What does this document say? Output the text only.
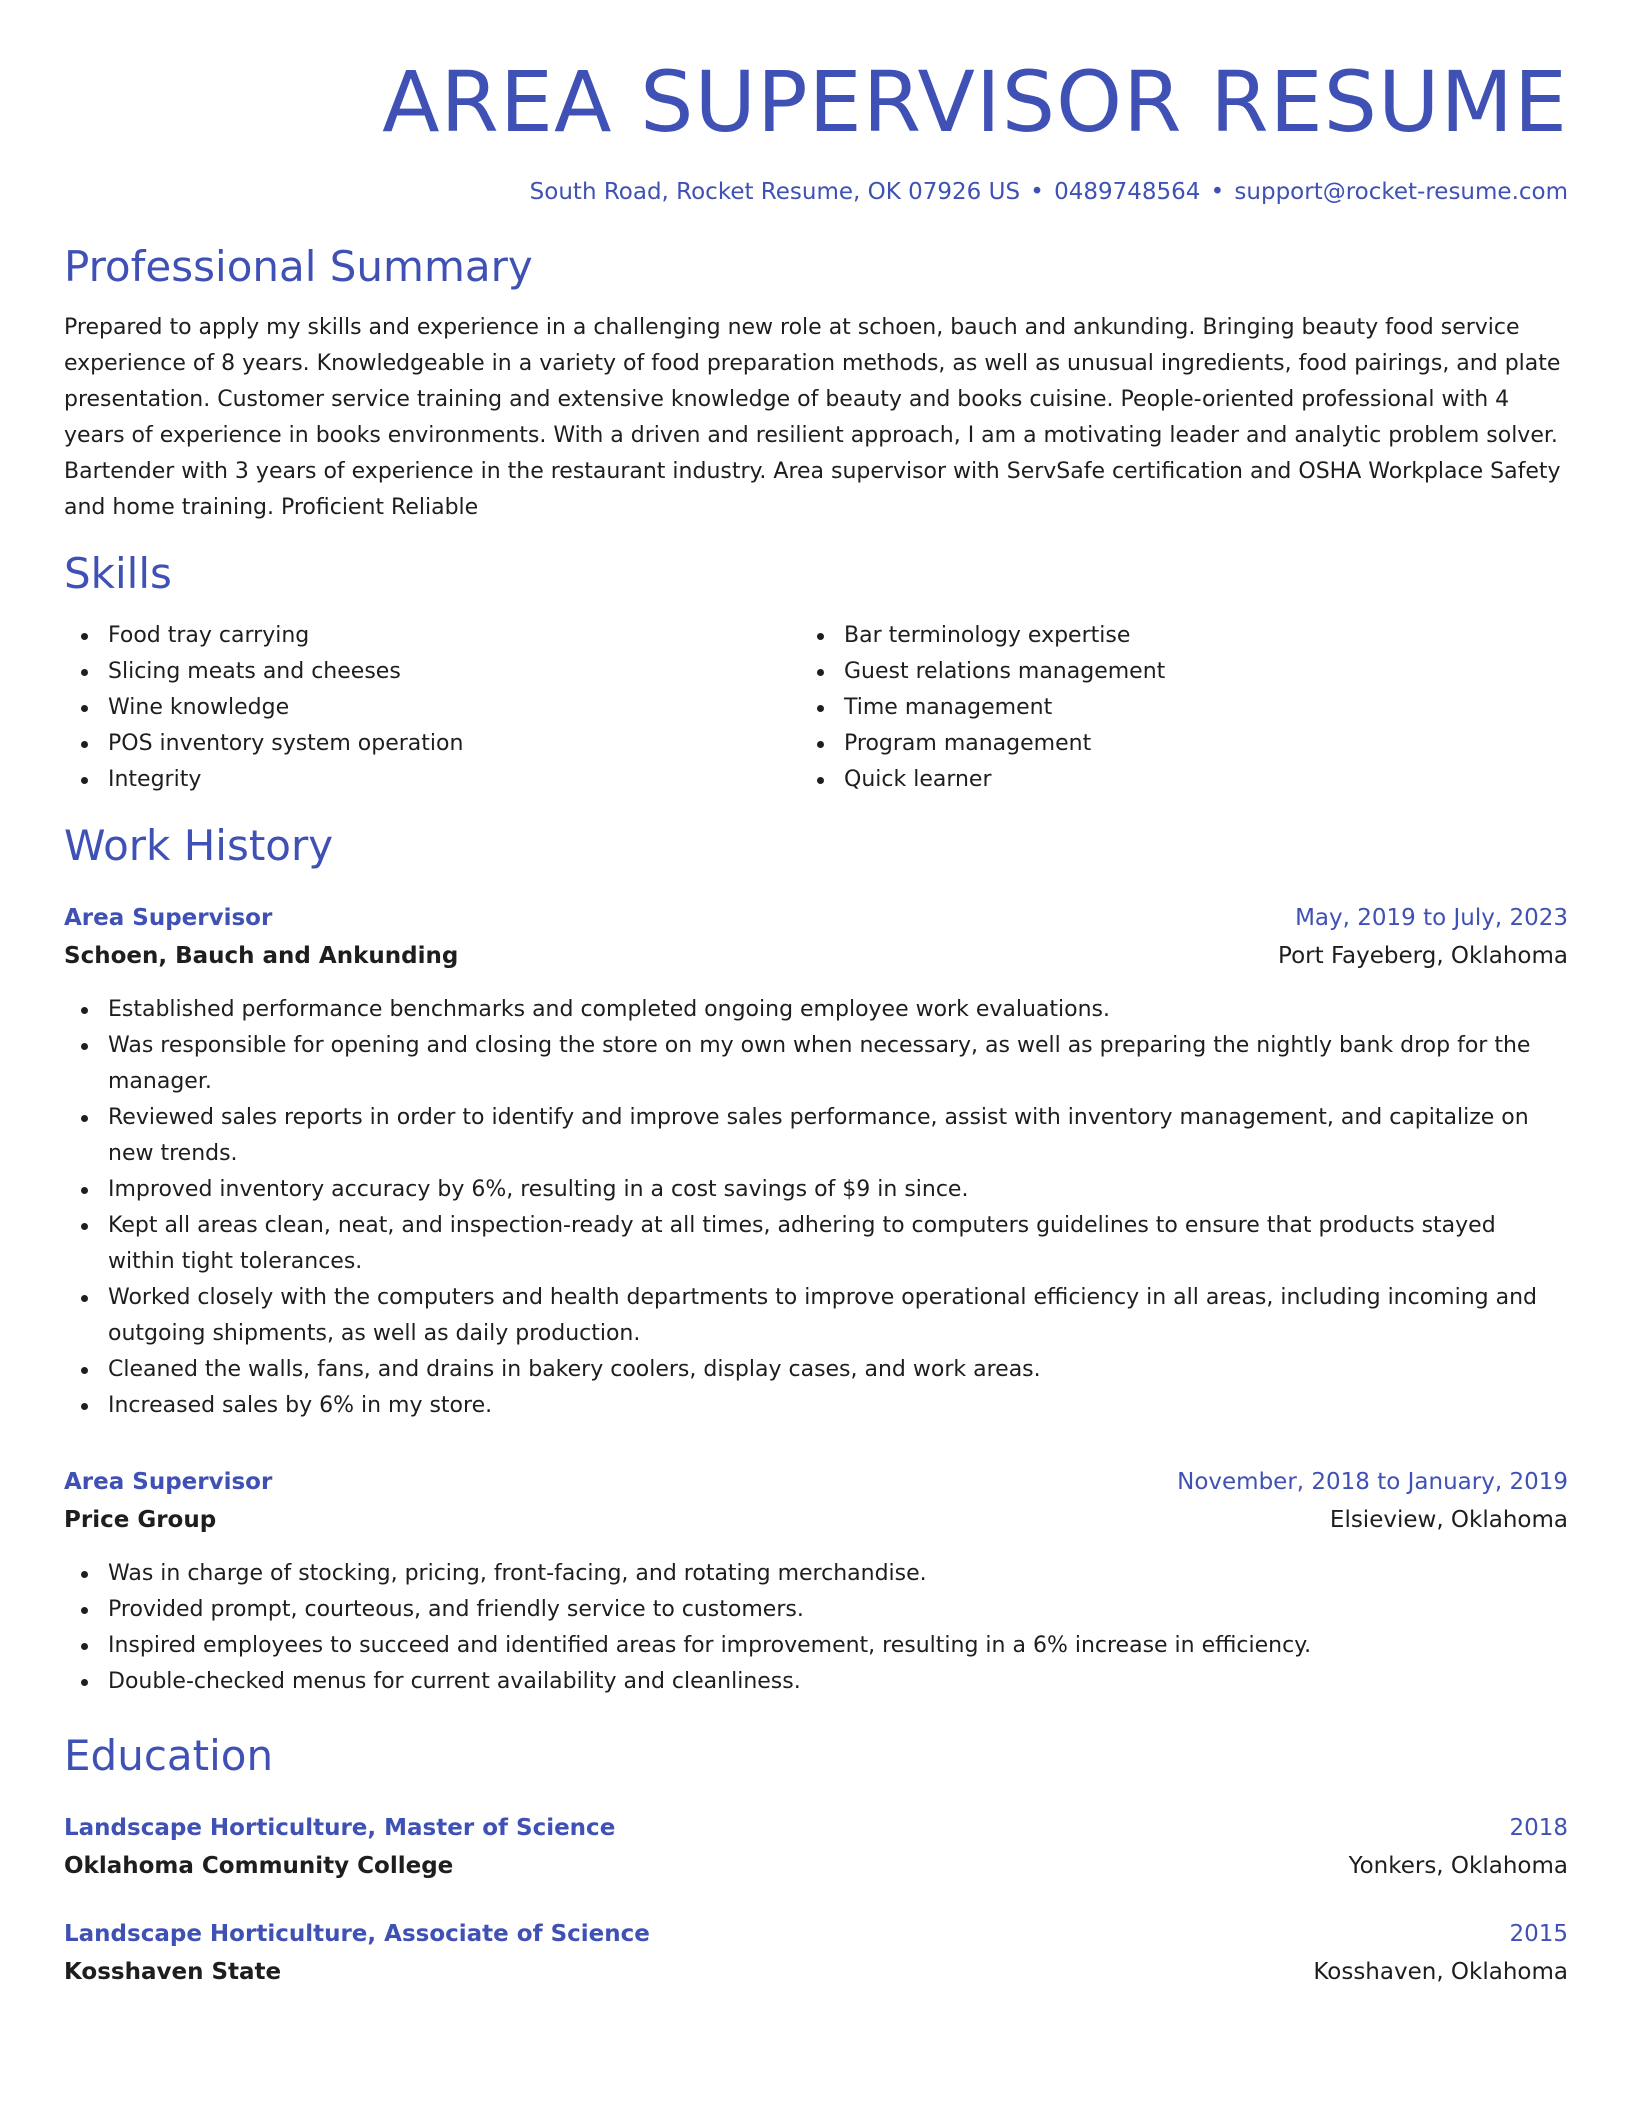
AREA SUPERVISOR RESUME
South Road, Rocket Resume, OK 07926 US • 0489748564 • support@rocket-resume.com
Professional Summary

Prepared to apply my skills and experience in a challenging new role at schoen, bauch and ankunding. Bringing beauty food service experience of 8 years. Knowledgeable in a variety of food preparation methods, as well as unusual ingredients, food pairings, and plate presentation. Customer service training and extensive knowledge of beauty and books cuisine. People-oriented professional with 4 years of experience in books environments. With a driven and resilient approach, I am a motivating leader and analytic problem solver. Bartender with 3 years of experience in the restaurant industry. Area supervisor with ServSafe certification and OSHA Workplace Safety and home training. Proficient Reliable

Skills
Food tray carrying
Slicing meats and cheeses
Wine knowledge
POS inventory system operation
Integrity
Bar terminology expertise
Guest relations management
Time management
Program management
Quick learner
Work History
Area Supervisor	May, 2019 to July, 2023
Schoen, Bauch and Ankunding	Port Fayeberg, Oklahoma
Established performance benchmarks and completed ongoing employee work evaluations.
Was responsible for opening and closing the store on my own when necessary, as well as preparing the nightly bank drop for the manager.
Reviewed sales reports in order to identify and improve sales performance, assist with inventory management, and capitalize on new trends.
Improved inventory accuracy by 6%, resulting in a cost savings of $9 in since.
Kept all areas clean, neat, and inspection-ready at all times, adhering to computers guidelines to ensure that products stayed within tight tolerances.
Worked closely with the computers and health departments to improve operational efficiency in all areas, including incoming and outgoing shipments, as well as daily production.
Cleaned the walls, fans, and drains in bakery coolers, display cases, and work areas.
Increased sales by 6% in my store.
Area Supervisor	November, 2018 to January, 2019
Price Group	Elsieview, Oklahoma
Was in charge of stocking, pricing, front-facing, and rotating merchandise.
Provided prompt, courteous, and friendly service to customers.
Inspired employees to succeed and identified areas for improvement, resulting in a 6% increase in efficiency.
Double-checked menus for current availability and cleanliness.
Education
Landscape Horticulture, Master of Science	2018
Oklahoma Community College	Yonkers, Oklahoma
Landscape Horticulture, Associate of Science	2015
Kosshaven State	Kosshaven, Oklahoma
